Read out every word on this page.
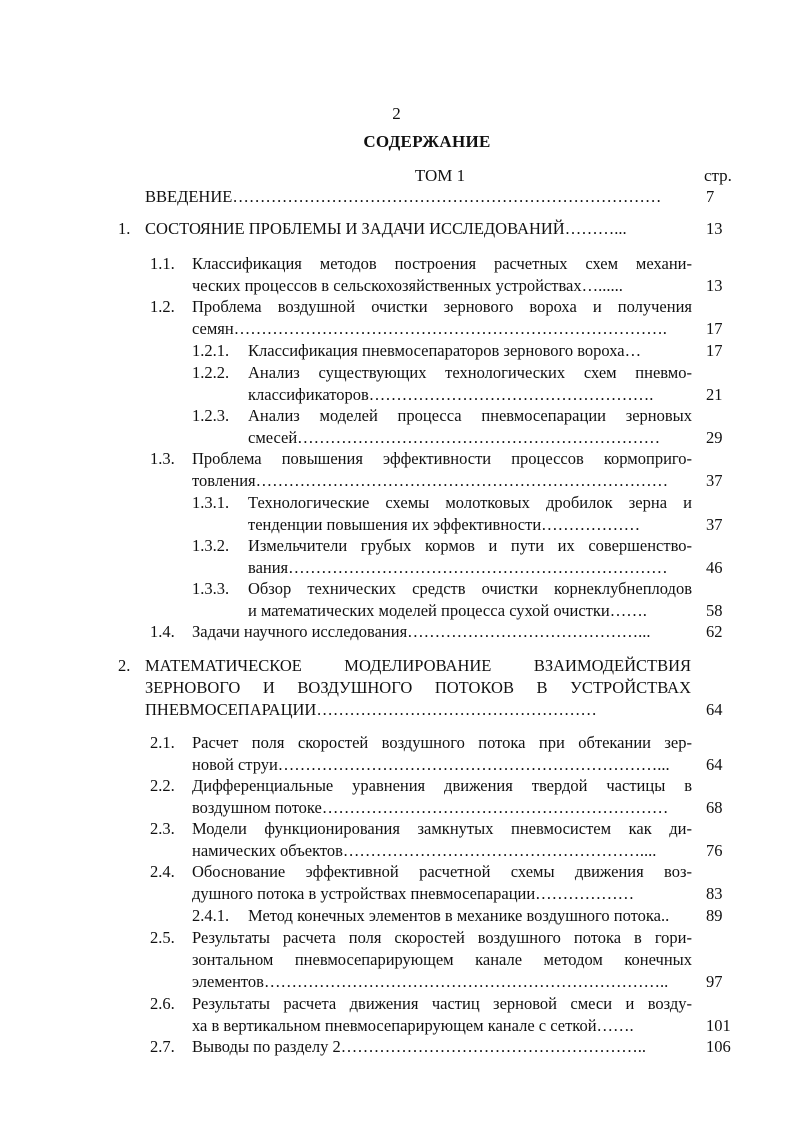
2
СОДЕРЖАНИЕ
ТОМ 1	стр.
ВВЕДЕНИЕ……………………………………………………………………	7
1. СОСТОЯНИЕ ПРОБЛЕМЫ И ЗАДАЧИ ИССЛЕДОВАНИЙ………...	13
1.1. Классификация методов построения расчетных схем механи-
ческих процессов в сельскохозяйственных устройствах…......	13
1.2. Проблема воздушной очистки зернового вороха и получения
семян…………………………………………………………………….	17
1.2.1. Классификация пневмосепараторов зернового вороха…	17
1.2.2. Анализ существующих технологических схем пневмо-
классификаторов…………………………………………….	21
1.2.3. Анализ моделей процесса пневмосепарации зерновых
смесей…………………………………………………………	29
1.3. Проблема повышения эффективности процессов кормоприго-
товления…………………………………………………………………	37
1.3.1. Технологические схемы молотковых дробилок зерна и
тенденции повышения их эффективности………………	37
1.3.2. Измельчители грубых кормов и пути их совершенство-
вания……………………………………………………………	46
1.3.3. Обзор технических средств очистки корнеклубнеплодов
и математических моделей процесса сухой очистки…….	58
1.4. Задачи научного исследования……………………………………...	62
2. МАТЕМАТИЧЕСКОЕ МОДЕЛИРОВАНИЕ ВЗАИМОДЕЙСТВИЯ
ЗЕРНОВОГО И ВОЗДУШНОГО ПОТОКОВ В УСТРОЙСТВАХ
ПНЕВМОСЕПАРАЦИИ……………………………………………	64
2.1. Расчет поля скоростей воздушного потока при обтекании зер-
новой струи……………………………………………………………...	64
2.2. Дифференциальные уравнения движения твердой частицы в
воздушном потоке………………………………………………………	68
2.3. Модели функционирования замкнутых пневмосистем как ди-
намических объектов………………………………………………....	76
2.4. Обоснование эффективной расчетной схемы движения воз-
душного потока в устройствах пневмосепарации………………	83
2.4.1. Метод конечных элементов в механике воздушного потока..	89
2.5. Результаты расчета поля скоростей воздушного потока в гори-
зонтальном пневмосепарирующем канале методом конечных
элементов………………………………………………………………..	97
2.6. Результаты расчета движения частиц зерновой смеси и возду-
ха в вертикальном пневмосепарирующем канале с сеткой…….	101
2.7. Выводы по разделу 2………………………………………………..	106
